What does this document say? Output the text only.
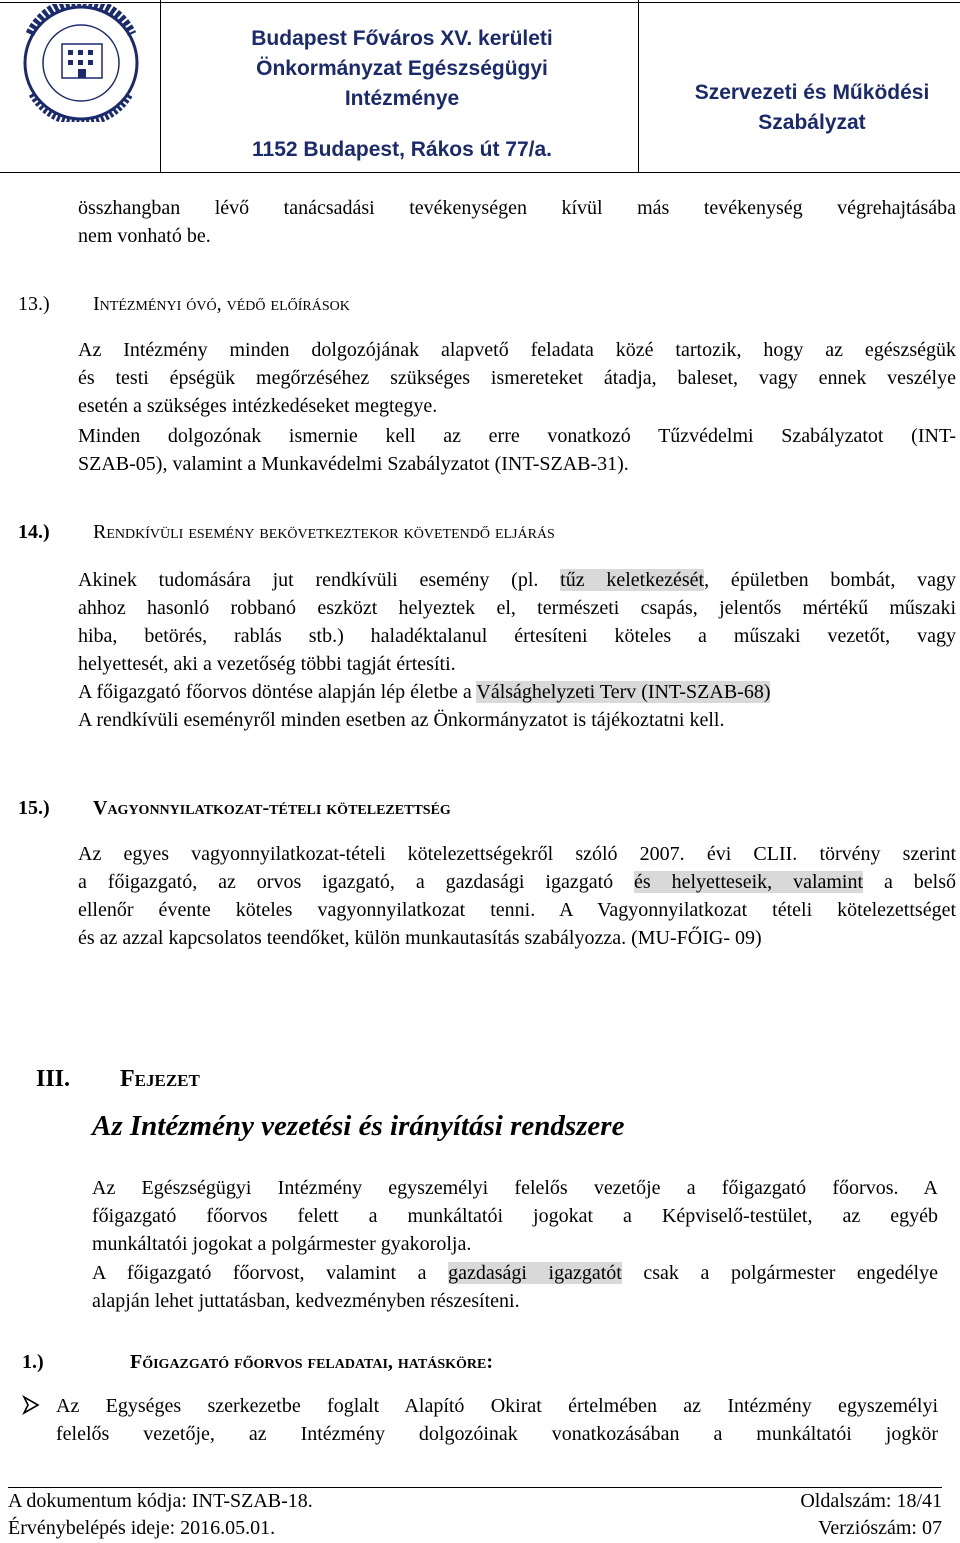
Budapest Főváros XV. kerületi
Önkormányzat Egészségügyi
Intézménye
1152 Budapest, Rákos út 77/a.
Szervezeti és Működési
Szabályzat
összhangban lévő tanácsadási tevékenységen kívül más tevékenység végrehajtásába
nem vonható be.
13.) Intézményi óvó, védő előírások
Az Intézmény minden dolgozójának alapvető feladata közé tartozik, hogy az egészségük
és testi épségük megőrzéséhez szükséges ismereteket átadja, baleset, vagy ennek veszélye
esetén a szükséges intézkedéseket megtegye.
Minden dolgozónak ismernie kell az erre vonatkozó Tűzvédelmi Szabályzatot (INT-
SZAB-05), valamint a Munkavédelmi Szabályzatot (INT-SZAB-31).
14.) Rendkívüli esemény bekövetkeztekor követendő eljárás
Akinek tudomására jut rendkívüli esemény (pl. tűz keletkezését, épületben bombát, vagy
ahhoz hasonló robbanó eszközt helyeztek el, természeti csapás, jelentős mértékű műszaki
hiba, betörés, rablás stb.) haladéktalanul értesíteni köteles a műszaki vezetőt, vagy
helyettesét, aki a vezetőség többi tagját értesíti.
A főigazgató főorvos döntése alapján lép életbe a Válsághelyzeti Terv (INT-SZAB-68)
A rendkívüli eseményről minden esetben az Önkormányzatot is tájékoztatni kell.
15.) Vagyonnyilatkozat-tételi kötelezettség
Az egyes vagyonnyilatkozat-tételi kötelezettségekről szóló 2007. évi CLII. törvény szerint
a főigazgató, az orvos igazgató, a gazdasági igazgató és helyetteseik, valamint a belső
ellenőr évente köteles vagyonnyilatkozat tenni. A Vagyonnyilatkozat tételi kötelezettséget
és az azzal kapcsolatos teendőket, külön munkautasítás szabályozza. (MU-FŐIG- 09)
III. Fejezet
Az Intézmény vezetési és irányítási rendszere
Az Egészségügyi Intézmény egyszemélyi felelős vezetője a főigazgató főorvos. A
főigazgató főorvos felett a munkáltatói jogokat a Képviselő-testület, az egyéb
munkáltatói jogokat a polgármester gyakorolja.
A főigazgató főorvost, valamint a gazdasági igazgatót csak a polgármester engedélye
alapján lehet juttatásban, kedvezményben részesíteni.
1.)	Főigazgató főorvos feladatai, hatásköre:
Az Egységes szerkezetbe foglalt Alapító Okirat értelmében az Intézmény egyszemélyi
felelős vezetője, az Intézmény dolgozóinak vonatkozásában a munkáltatói jogkör
A dokumentum kódja: INT-SZAB-18.	Oldalszám: 18/41
Érvénybelépés ideje: 2016.05.01.	Verziószám: 07
